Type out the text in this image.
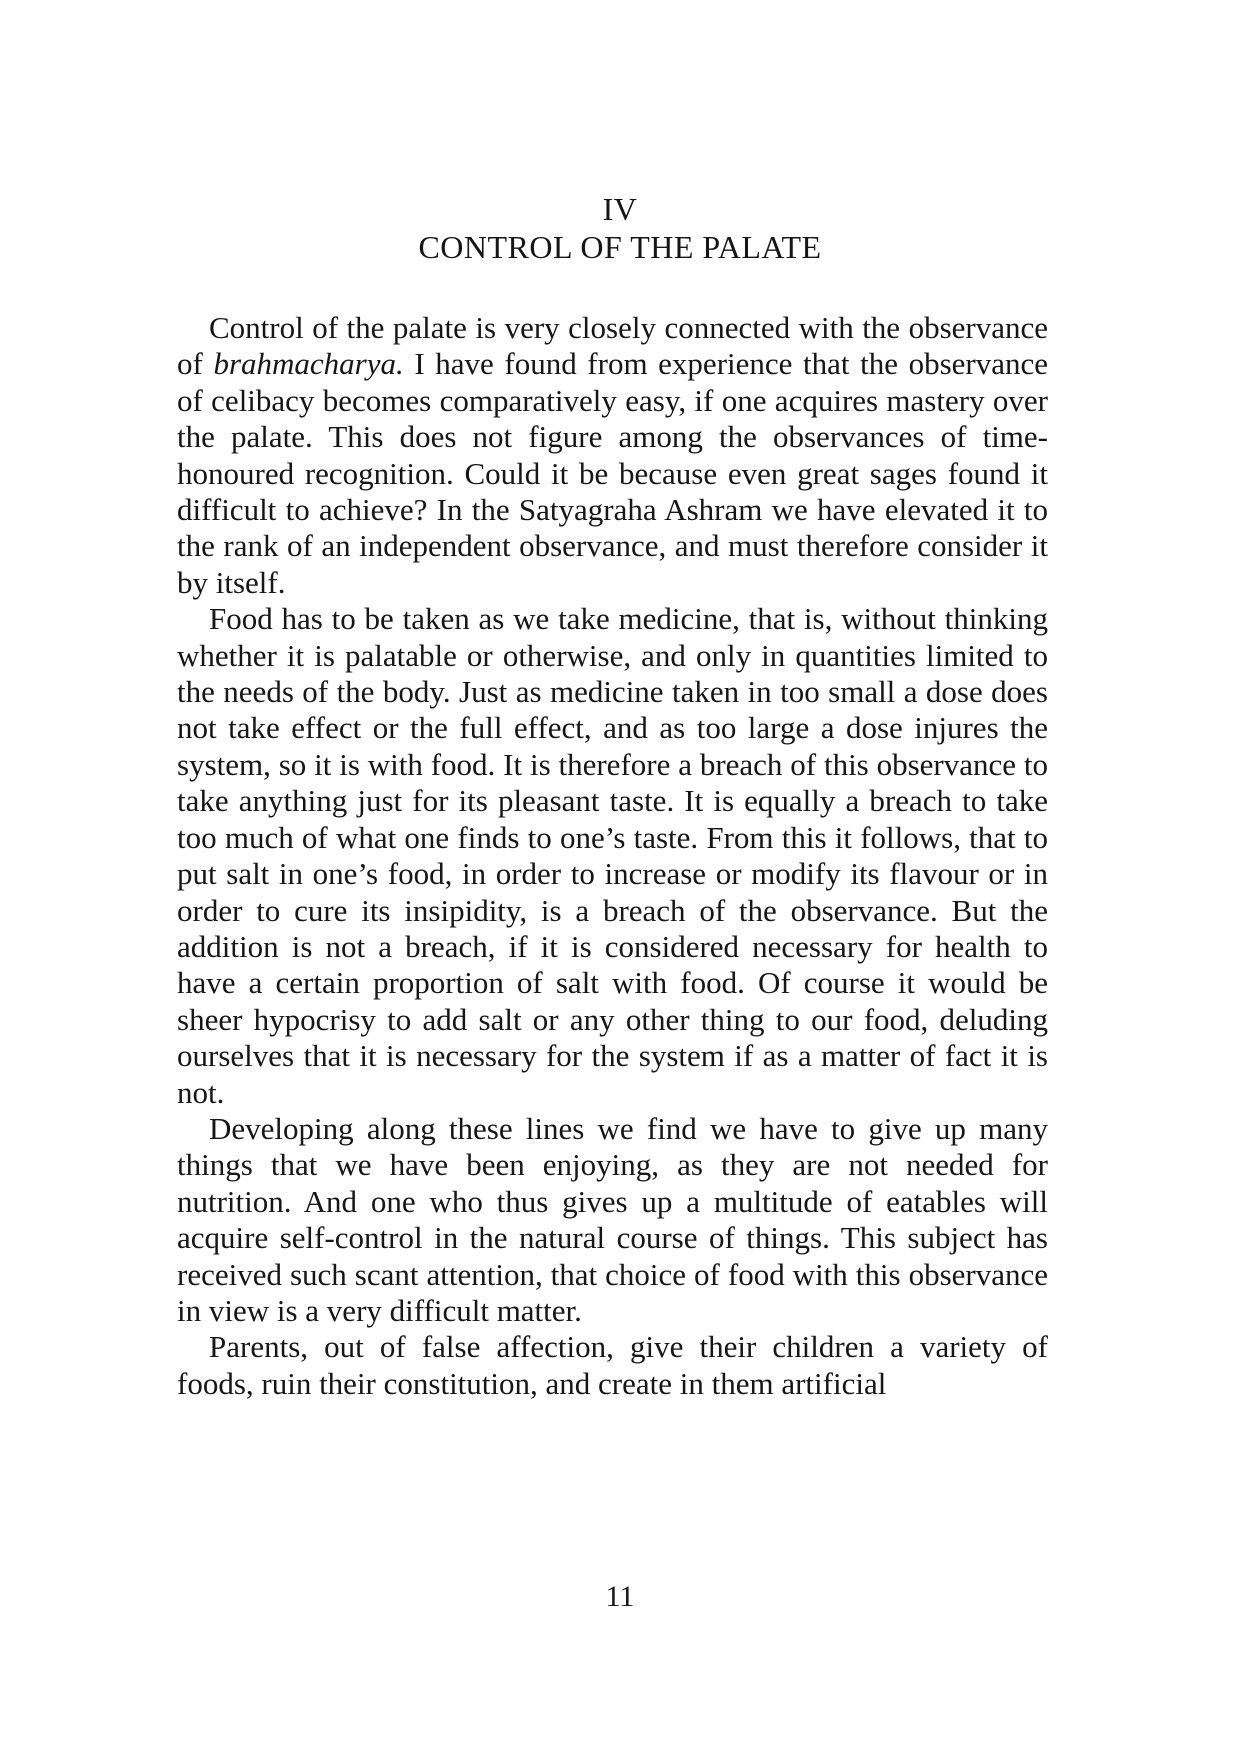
IV
CONTROL OF THE PALATE

Control of the palate is very closely connected with the observance of brahmacharya. I have found from experience that the observance of celibacy becomes comparatively easy, if one acquires mastery over the palate. This does not figure among the observances of time-honoured recognition. Could it be because even great sages found it difficult to achieve? In the Satyagraha Ashram we have elevated it to the rank of an independent observance, and must therefore consider it by itself.

Food has to be taken as we take medicine, that is, without thinking whether it is palatable or otherwise, and only in quantities limited to the needs of the body. Just as medicine taken in too small a dose does not take effect or the full effect, and as too large a dose injures the system, so it is with food. It is therefore a breach of this observance to take anything just for its pleasant taste. It is equally a breach to take too much of what one finds to one’s taste. From this it follows, that to put salt in one’s food, in order to increase or modify its flavour or in order to cure its insipidity, is a breach of the observance. But the addition is not a breach, if it is considered necessary for health to have a certain proportion of salt with food. Of course it would be sheer hypocrisy to add salt or any other thing to our food, deluding ourselves that it is necessary for the system if as a matter of fact it is not.

Developing along these lines we find we have to give up many things that we have been enjoying, as they are not needed for nutrition. And one who thus gives up a multitude of eatables will acquire self-control in the natural course of things. This subject has received such scant attention, that choice of food with this observance in view is a very difficult matter.

Parents, out of false affection, give their children a variety of foods, ruin their constitution, and create in them artificial

11
